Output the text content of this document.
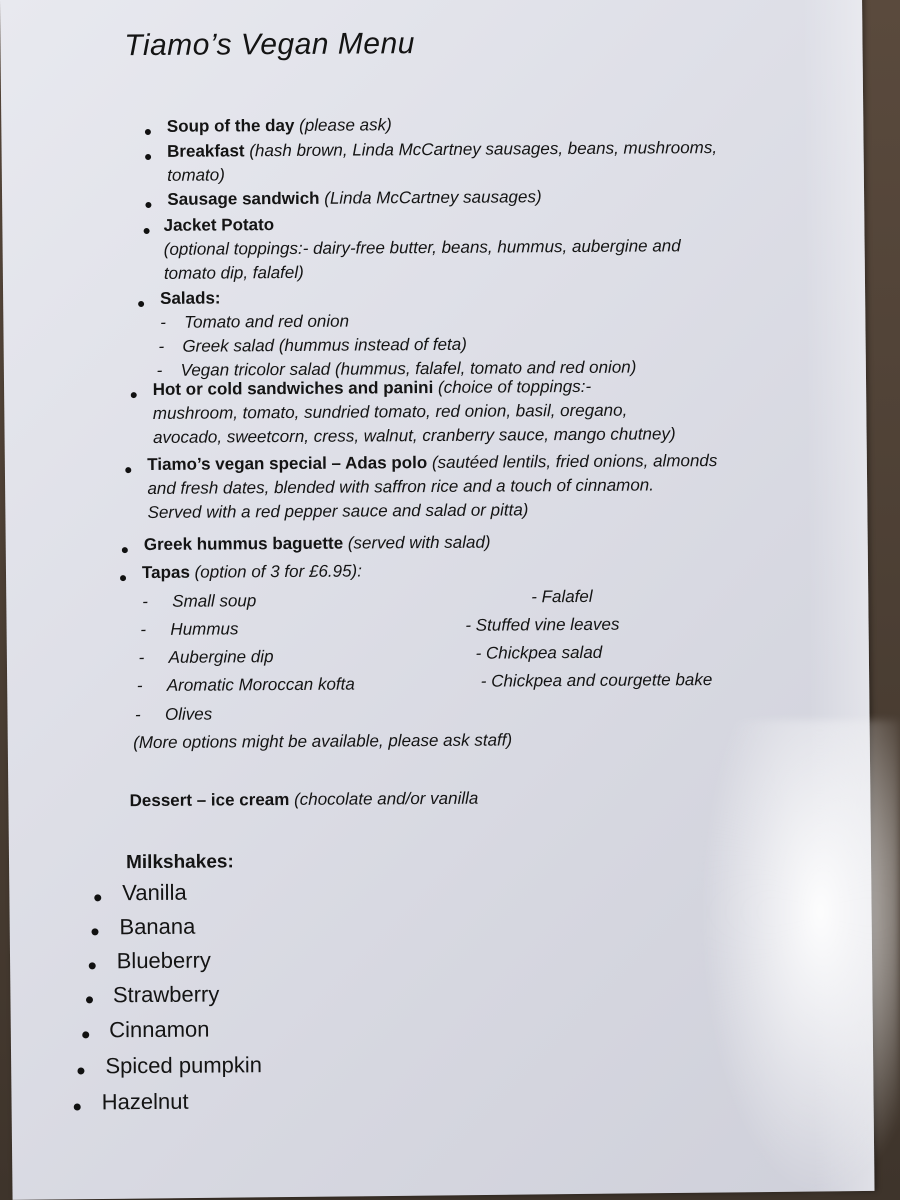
Tiamo’s Vegan Menu
Soup of the day (please ask)
Breakfast (hash brown, Linda McCartney sausages, beans, mushrooms,
tomato)
Sausage sandwich (Linda McCartney sausages)
Jacket Potato
(optional toppings:- dairy-free butter, beans, hummus, aubergine and
tomato dip, falafel)
Salads:
- Tomato and red onion
- Greek salad (hummus instead of feta)
- Vegan tricolor salad (hummus, falafel, tomato and red onion)
Hot or cold sandwiches and panini (choice of toppings:-
mushroom, tomato, sundried tomato, red onion, basil, oregano,
avocado, sweetcorn, cress, walnut, cranberry sauce, mango chutney)
Tiamo’s vegan special – Adas polo (sautéed lentils, fried onions, almonds
and fresh dates, blended with saffron rice and a touch of cinnamon.
Served with a red pepper sauce and salad or pitta)
Greek hummus baguette (served with salad)
Tapas (option of 3 for £6.95):
- Small soup
- Hummus
- Aubergine dip
- Aromatic Moroccan kofta
- Olives
- Falafel
- Stuffed vine leaves
- Chickpea salad
- Chickpea and courgette bake
(More options might be available, please ask staff)
Dessert – ice cream (chocolate and/or vanilla
Milkshakes:
Vanilla
Banana
Blueberry
Strawberry
Cinnamon
Spiced pumpkin
Hazelnut
